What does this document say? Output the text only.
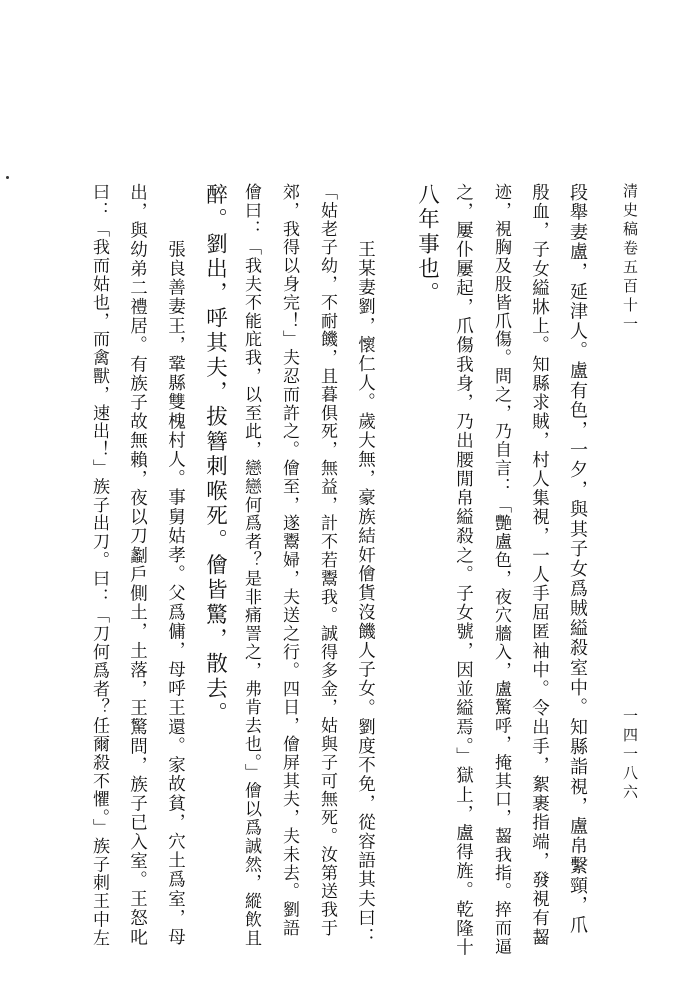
清史稿卷五百十一
一四一八六
段舉妻盧，延津人。盧有色，一夕，與其子女爲賊縊殺室中。知縣詣視，盧帛繫頸，爪
殷血，子女縊牀上。知縣求賊，村人集視，一人手屈匿袖中。令出手，絮裹指端，發視有齧
迹，視胸及股皆爪傷。問之，乃自言：「艷盧色，夜穴牆入，盧驚呼，掩其口，齧我指。捽而逼
之，屢仆屢起，爪傷我身，乃出腰閒帛縊殺之。子女號，因並縊焉。」獄上，盧得旌。乾隆十
八年事也。
王某妻劉，懷仁人。歲大無，豪族結奸儈貨沒饑人子女。劉度不免，從容語其夫曰：
「姑老子幼，不耐饑，且暮俱死，無益，計不若鬻我。誠得多金，姑與子可無死。汝第送我于
郊，我得以身完！」夫忍而許之。儈至，遂鬻婦，夫送之行。四日，儈屏其夫，夫未去。劉語
儈曰：「我夫不能庇我，以至此，戀戀何爲者？是非痛詈之，弗肯去也。」儈以爲誠然，縱飲且
醉。劉出，呼其夫，拔簪刺喉死。儈皆驚，散去。
張良善妻王，鞏縣雙槐村人。事舅姑孝。父爲傭，母呼王還。家故貧，穴土爲室，母
出，與幼弟二禮居。有族子故無賴，夜以刀劙戶側土，土落，王驚問，族子已入室。王怒叱
曰：「我而姑也，而禽獸，速出！」族子出刀。曰：「刀何爲者？任爾殺不懼。」族子刺王中左
